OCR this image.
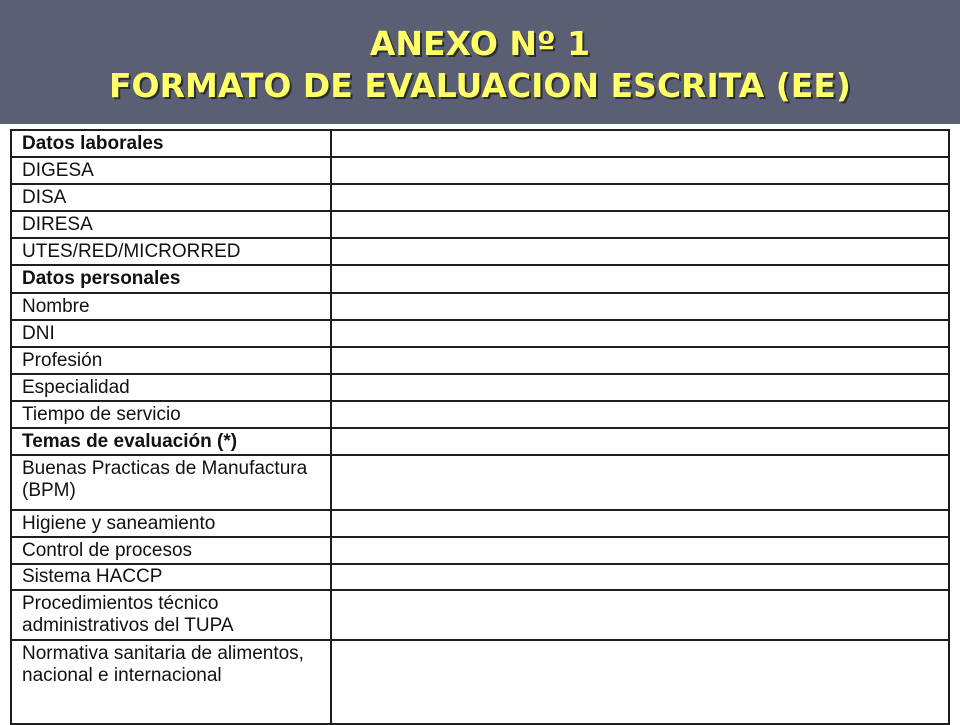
ANEXO Nº 1
FORMATO DE EVALUACION ESCRITA (EE)
Datos laborales	
DIGESA	
DISA	
DIRESA	
UTES/RED/MICRORRED	
Datos personales	
Nombre	
DNI	
Profesión	
Especialidad	
Tiempo de servicio	
Temas de evaluación (*)	
Buenas Practicas de Manufactura (BPM)	
Higiene y saneamiento	
Control de procesos	
Sistema HACCP	
Procedimientos técnico administrativos del TUPA	
Normativa sanitaria de alimentos, nacional e internacional	
